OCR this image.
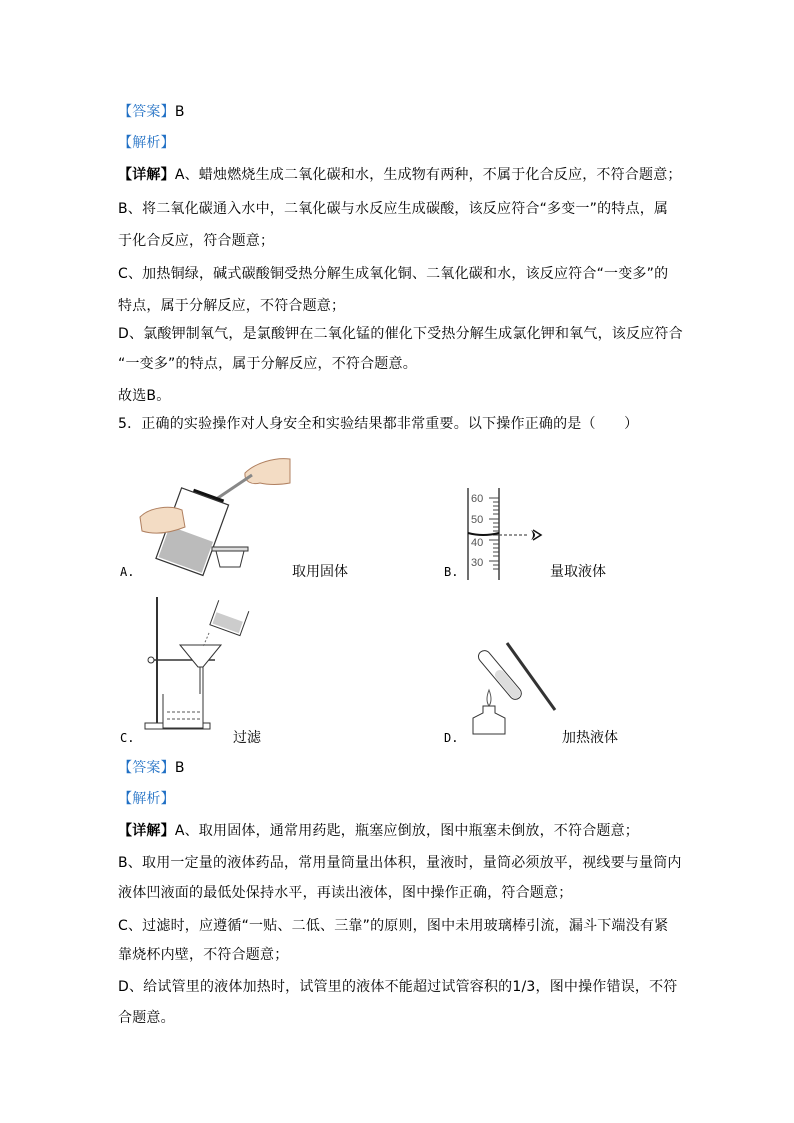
【答案】B
【解析】
【详解】A、蜡烛燃烧生成二氧化碳和水，生成物有两种，不属于化合反应，不符合题意；
B、将二氧化碳通入水中，二氧化碳与水反应生成碳酸，该反应符合“多变一”的特点，属
于化合反应，符合题意；
C、加热铜绿，碱式碳酸铜受热分解生成氧化铜、二氧化碳和水，该反应符合“一变多”的
特点，属于分解反应，不符合题意；
D、氯酸钾制氧气，是氯酸钾在二氧化锰的催化下受热分解生成氯化钾和氧气，该反应符合
“一变多”的特点，属于分解反应，不符合题意。
故选B。
5．正确的实验操作对人身安全和实验结果都非常重要。以下操作正确的是（　　）
A.	取用固体
60
50
40
30
B.	量取液体
C.	过滤	D.	加热液体
【答案】B
【解析】
【详解】A、取用固体，通常用药匙，瓶塞应倒放，图中瓶塞未倒放，不符合题意；
B、取用一定量的液体药品，常用量筒量出体积，量液时，量筒必须放平，视线要与量筒内
液体凹液面的最低处保持水平，再读出液体，图中操作正确，符合题意；
C、过滤时，应遵循“一贴、二低、三靠”的原则，图中未用玻璃棒引流，漏斗下端没有紧
靠烧杯内壁，不符合题意；
D、给试管里的液体加热时，试管里的液体不能超过试管容积的1/3，图中操作错误，不符
合题意。
